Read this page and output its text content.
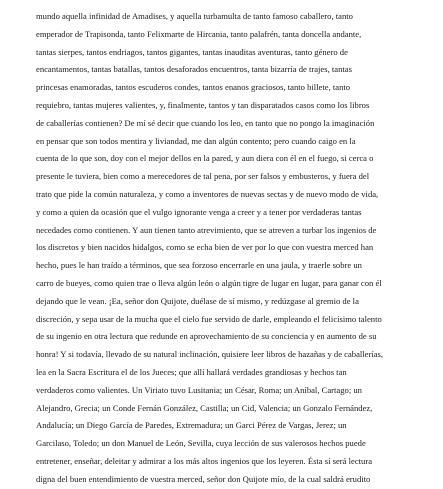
mundo aquella infinidad de Amadises, y aquella turbamulta de tanto famoso caballero, tanto
emperador de Trapisonda, tanto Felixmarte de Hircania, tanto palafrén, tanta doncella andante,
tantas sierpes, tantos endriagos, tantos gigantes, tantas inauditas aventuras, tanto género de
encantamentos, tantas batallas, tantos desaforados encuentros, tanta bizarría de trajes, tantas
princesas enamoradas, tantos escuderos condes, tantos enanos graciosos, tanto billete, tanto
requiebro, tantas mujeres valientes, y, finalmente, tantos y tan disparatados casos como los libros
de caballerías contienen? De mí sé decir que cuando los leo, en tanto que no pongo la imaginación
en pensar que son todos mentira y liviandad, me dan algún contento; pero cuando caigo en la
cuenta de lo que son, doy con el mejor dellos en la pared, y aun diera con él en el fuego, si cerca o
presente le tuviera, bien como a merecedores de tal pena, por ser falsos y embusteros, y fuera del
trato que pide la común naturaleza, y como a inventores de nuevas sectas y de nuevo modo de vida,
y como a quien da ocasión que el vulgo ignorante venga a creer y a tener por verdaderas tantas
necedades como contienen. Y aun tienen tanto atrevimiento, que se atreven a turbar los ingenios de
los discretos y bien nacidos hidalgos, como se echa bien de ver por lo que con vuestra merced han
hecho, pues le han traído a términos, que sea forzoso encerrarle en una jaula, y traerle sobre un
carro de bueyes, como quien trae o lleva algún león o algún tigre de lugar en lugar, para ganar con él
dejando que le vean. ¡Ea, señor don Quijote, duélase de sí mismo, y redúzgase al gremio de la
discreción, y sepa usar de la mucha que el cielo fue servido de darle, empleando el felicísimo talento
de su ingenio en otra lectura que redunde en aprovechamiento de su conciencia y en aumento de su
honra! Y si todavía, llevado de su natural inclinación, quisiere leer libros de hazañas y de caballerías,
lea en la Sacra Escritura el de los Jueces; que allí hallará verdades grandiosas y hechos tan
verdaderos como valientes. Un Viriato tuvo Lusitania; un César, Roma; un Aníbal, Cartago; un
Alejandro, Grecia; un Conde Fernán González, Castilla; un Cid, Valencia; un Gonzalo Fernández,
Andalucía; un Diego García de Paredes, Extremadura; un Garci Pérez de Vargas, Jerez; un
Garcilaso, Toledo; un don Manuel de León, Sevilla, cuya lección de sus valerosos hechos puede
entretener, enseñar, deleitar y admirar a los más altos ingenios que los leyeren. Ésta sí será lectura
digna del buen entendimiento de vuestra merced, señor don Quijote mío, de la cual saldrá erudito
